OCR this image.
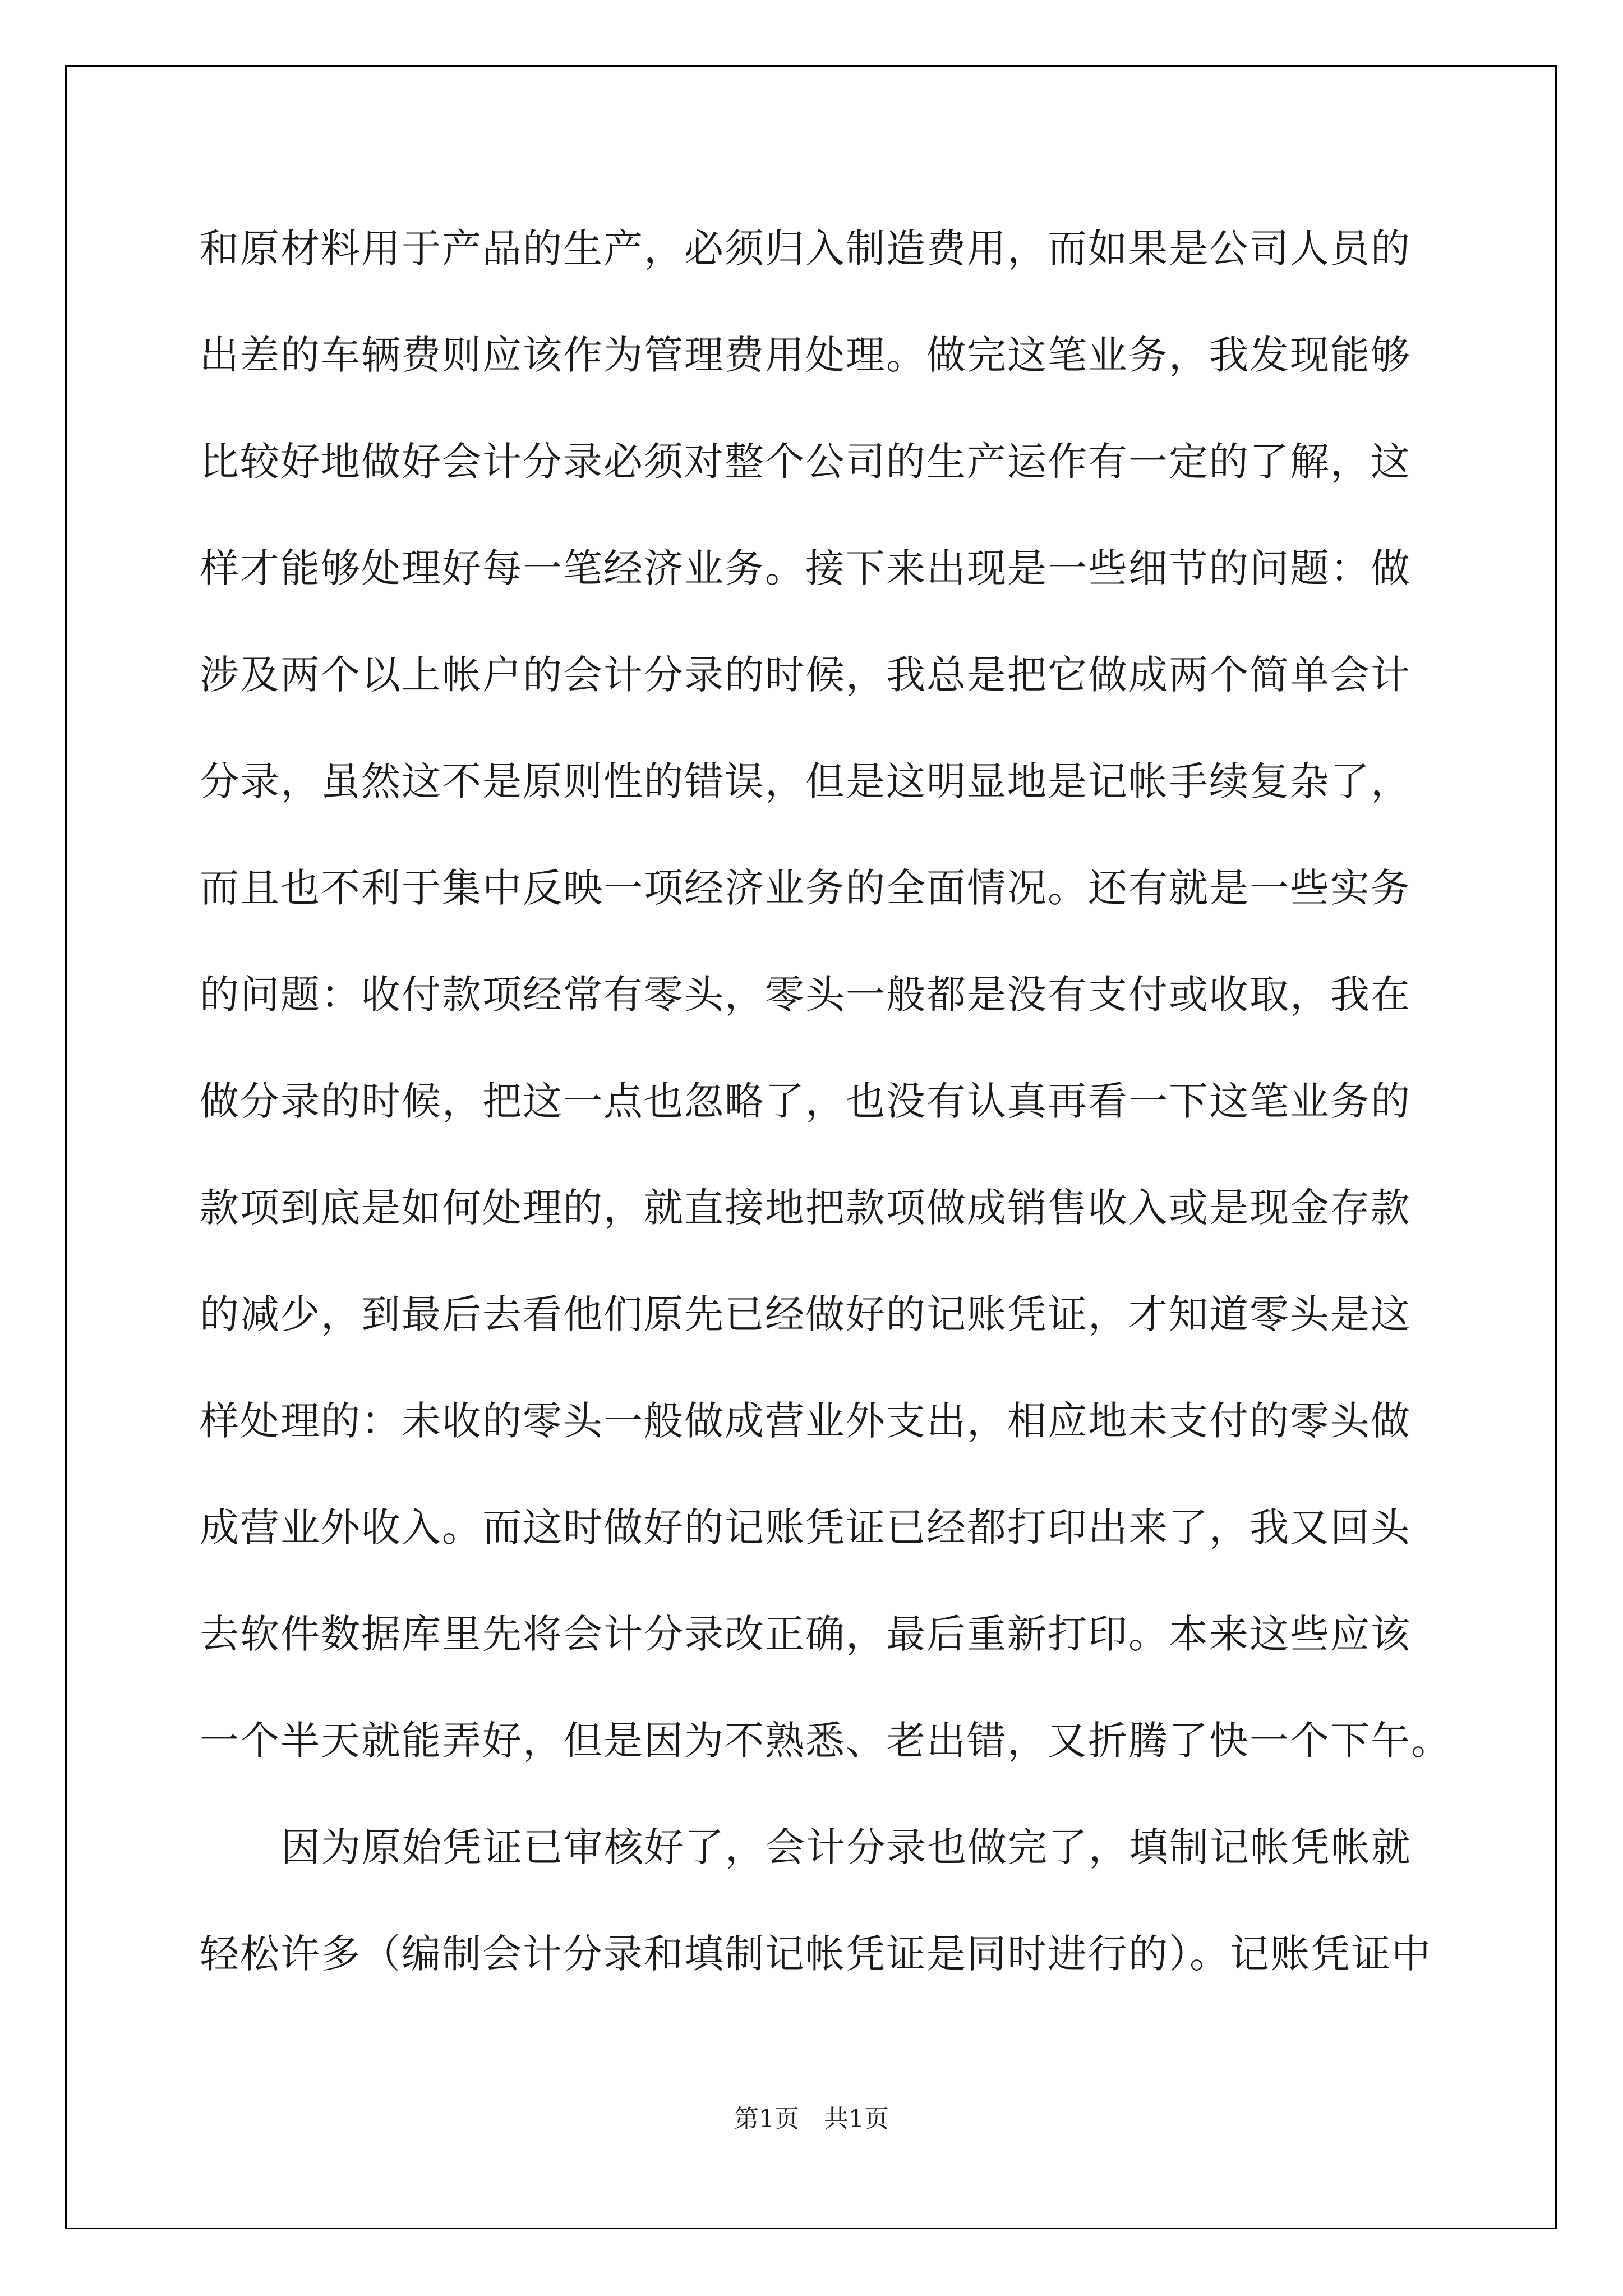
和原材料用于产品的生产，必须归入制造费用，而如果是公司人员的
出差的车辆费则应该作为管理费用处理。做完这笔业务，我发现能够
比较好地做好会计分录必须对整个公司的生产运作有一定的了解，这
样才能够处理好每一笔经济业务。接下来出现是一些细节的问题：做
涉及两个以上帐户的会计分录的时候，我总是把它做成两个简单会计
分录，虽然这不是原则性的错误，但是这明显地是记帐手续复杂了，
而且也不利于集中反映一项经济业务的全面情况。还有就是一些实务
的问题：收付款项经常有零头，零头一般都是没有支付或收取，我在
做分录的时候，把这一点也忽略了，也没有认真再看一下这笔业务的
款项到底是如何处理的，就直接地把款项做成销售收入或是现金存款
的减少，到最后去看他们原先已经做好的记账凭证，才知道零头是这
样处理的：未收的零头一般做成营业外支出，相应地未支付的零头做
成营业外收入。而这时做好的记账凭证已经都打印出来了，我又回头
去软件数据库里先将会计分录改正确，最后重新打印。本来这些应该
一个半天就能弄好，但是因为不熟悉、老出错，又折腾了快一个下午。
因为原始凭证已审核好了，会计分录也做完了，填制记帐凭帐就
轻松许多（编制会计分录和填制记帐凭证是同时进行的）。记账凭证中
第1页　共1页
